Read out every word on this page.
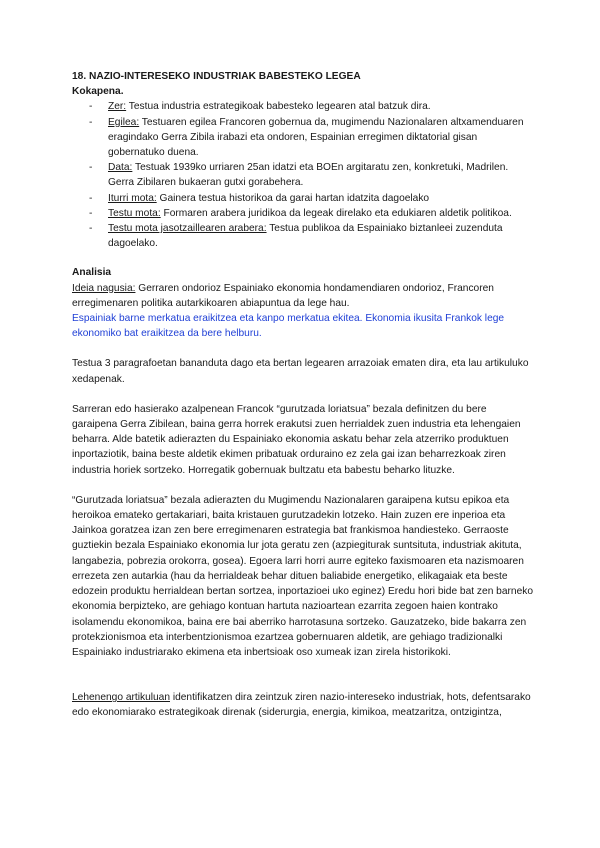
18. NAZIO-INTERESEKO INDUSTRIAK BABESTEKO LEGEA

Kokapena.

- Zer: Testua industria estrategikoak babesteko legearen atal batzuk dira.
- Egilea: Testuaren egilea Francoren gobernua da, mugimendu Nazionalaren altxamenduaren eragindako Gerra Zibila irabazi eta ondoren, Espainian erregimen diktatorial gisan gobernatuko duena.
- Data: Testuak 1939ko urriaren 25an idatzi eta BOEn argitaratu zen, konkretuki, Madrilen. Gerra Zibilaren bukaeran gutxi gorabehera.
- Iturri mota: Gainera testua historikoa da garai hartan idatzita dagoelako
- Testu mota: Formaren arabera juridikoa da legeak direlako eta edukiaren aldetik politikoa.
- Testu mota jasotzaillearen arabera: Testua publikoa da Espainiako biztanleei zuzenduta dagoelako.

Analisia

Ideia nagusia: Gerraren ondorioz Espainiako ekonomia hondamendiaren ondorioz, Francoren erregimenaren politika autarkikoaren abiapuntua da lege hau.

Espainiak barne merkatua eraikitzea eta kanpo merkatua ekitea. Ekonomia ikusita Frankok lege ekonomiko bat eraikitzea da bere helburu.

Testua 3 paragrafoetan bananduta dago eta bertan legearen arrazoiak ematen dira, eta lau artikuluko xedapenak.

Sarreran edo hasierako azalpenean Francok “gurutzada loriatsua” bezala definitzen du bere garaipena Gerra Zibilean, baina gerra horrek erakutsi zuen herrialdek zuen industria eta lehengaien beharra. Alde batetik adierazten du Espainiako ekonomia askatu behar zela atzerriko produktuen inportaziotik, baina beste aldetik ekimen pribatuak orduraino ez zela gai izan beharrezkoak ziren industria horiek sortzeko. Horregatik gobernuak bultzatu eta babestu beharko lituzke.

“Gurutzada loriatsua” bezala adierazten du Mugimendu Nazionalaren garaipena kutsu epikoa eta heroikoa emateko gertakariari, baita kristauen gurutzadekin lotzeko. Hain zuzen ere inperioa eta Jainkoa goratzea izan zen bere erregimenaren estrategia bat frankismoa handiesteko. Gerraoste guztiekin bezala Espainiako ekonomia lur jota geratu zen (azpiegiturak suntsituta, industriak akituta, langabezia, pobrezia orokorra, gosea). Egoera larri horri aurre egiteko faxismoaren eta nazismoaren errezeta zen autarkia (hau da herrialdeak behar dituen baliabide energetiko, elikagaiak eta beste edozein produktu herrialdean bertan sortzea, inportazioei uko eginez) Eredu hori bide bat zen barneko ekonomia berpizteko, are gehiago kontuan hartuta nazioartean ezarrita zegoen haien kontrako isolamendu ekonomikoa, baina ere bai aberriko harrotasuna sortzeko. Gauzatzeko, bide bakarra zen protekzionismoa eta interbentzionismoa ezartzea gobernuaren aldetik, are gehiago tradizionalki Espainiako industriarako ekimena eta inbertsioak oso xumeak izan zirela historikoki.

Lehenengo artikuluan identifikatzen dira zeintzuk ziren nazio-intereseko industriak, hots, defentsarako edo ekonomiarako estrategikoak direnak (siderurgia, energia, kimikoa, meatzaritza, ontzigintza,
